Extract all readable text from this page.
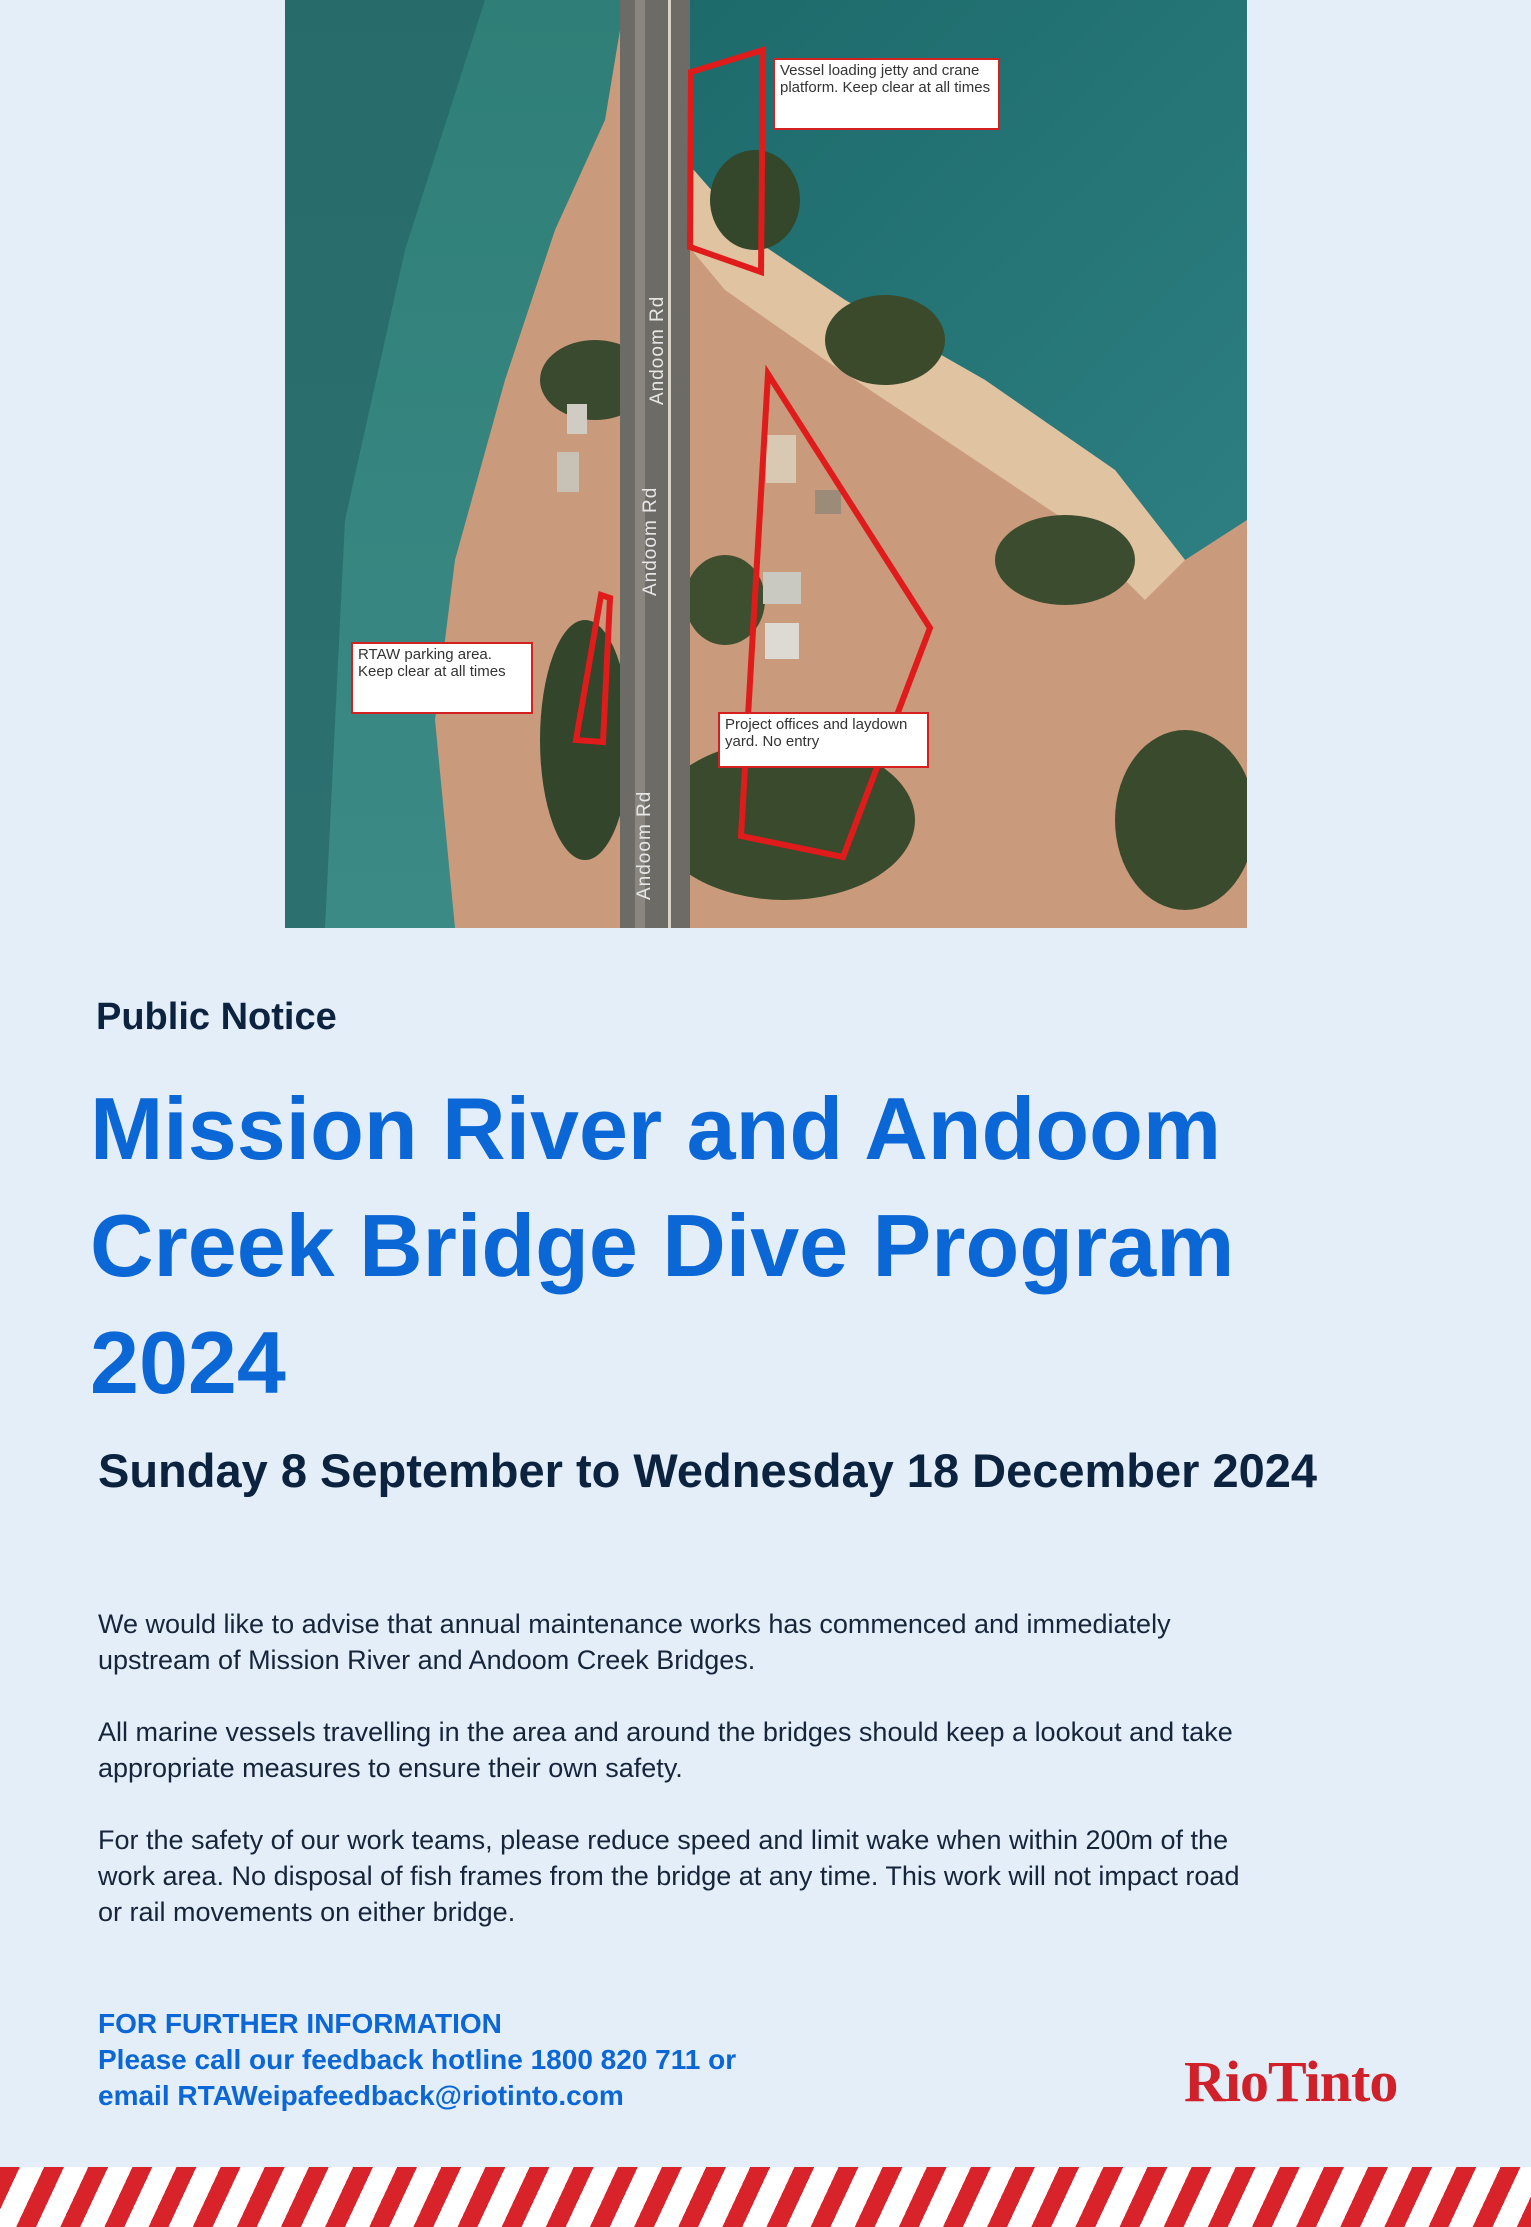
Andoom Rd
Andoom Rd
Andoom Rd
Vessel loading jetty and crane platform. Keep clear at all times
RTAW parking area. Keep clear at all times
Project offices and laydown yard. No entry
Public Notice
Mission River and Andoom Creek Bridge Dive Program 2024
Sunday 8 September to Wednesday 18 December 2024

We would like to advise that annual maintenance works has commenced and immediately upstream of Mission River and Andoom Creek Bridges.

All marine vessels travelling in the area and around the bridges should keep a lookout and take appropriate measures to ensure their own safety.

For the safety of our work teams, please reduce speed and limit wake when within 200m of the work area. No disposal of fish frames from the bridge at any time. This work will not impact road or rail movements on either bridge.

FOR FURTHER INFORMATION
Please call our feedback hotline 1800 820 711 or
email RTAWeipafeedback@riotinto.com	RioTinto
